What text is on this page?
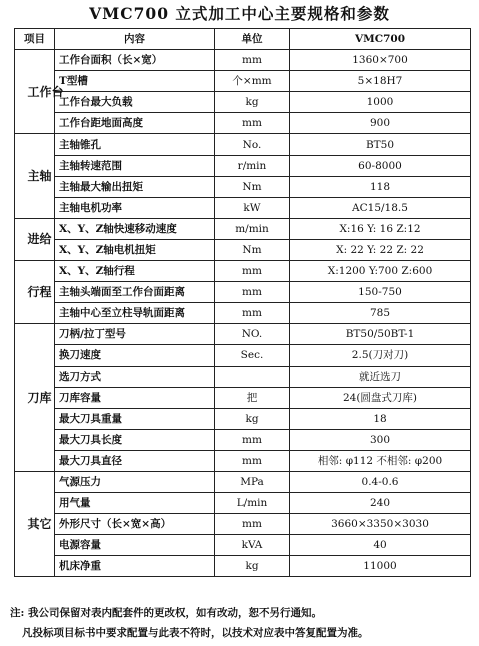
VMC700 立式加工中心主要规格和参数
项目	内容	单位	VMC700
工作台	工作台面积（长×宽）	mm	1360×700
	T型槽	个×mm	5×18H7
	工作台最大负载	kg	1000
	工作台距地面高度	mm	900
主轴	主轴锥孔	No.	BT50
	主轴转速范围	r/min	60-8000
	主轴最大输出扭矩	Nm	118
	主轴电机功率	kW	AC15/18.5
进给	X、Y、Z轴快速移动速度	m/min	X:16 Y: 16 Z:12
	X、Y、Z轴电机扭矩	Nm	X: 22 Y: 22 Z: 22
行程	X、Y、Z轴行程	mm	X:1200 Y:700 Z:600
	主轴头端面至工作台面距离	mm	150-750
	主轴中心至立柱导轨面距离	mm	785
刀库	刀柄/拉丁型号	NO.	BT50/50BT-1
	换刀速度	Sec.	2.5(刀对刀)
	选刀方式		就近选刀
	刀库容量	把	24(圆盘式刀库)
	最大刀具重量	kg	18
	最大刀具长度	mm	300
	最大刀具直径	mm	相邻: φ112 不相邻: φ200
其它	气源压力	MPa	0.4-0.6
	用气量	L/min	240
	外形尺寸（长×宽×高）	mm	3660×3350×3030
	电源容量	kVA	40
	机床净重	kg	11000
注: 我公司保留对表内配套件的更改权，如有改动，恕不另行通知。
凡投标项目标书中要求配置与此表不符时，以技术对应表中答复配置为准。
